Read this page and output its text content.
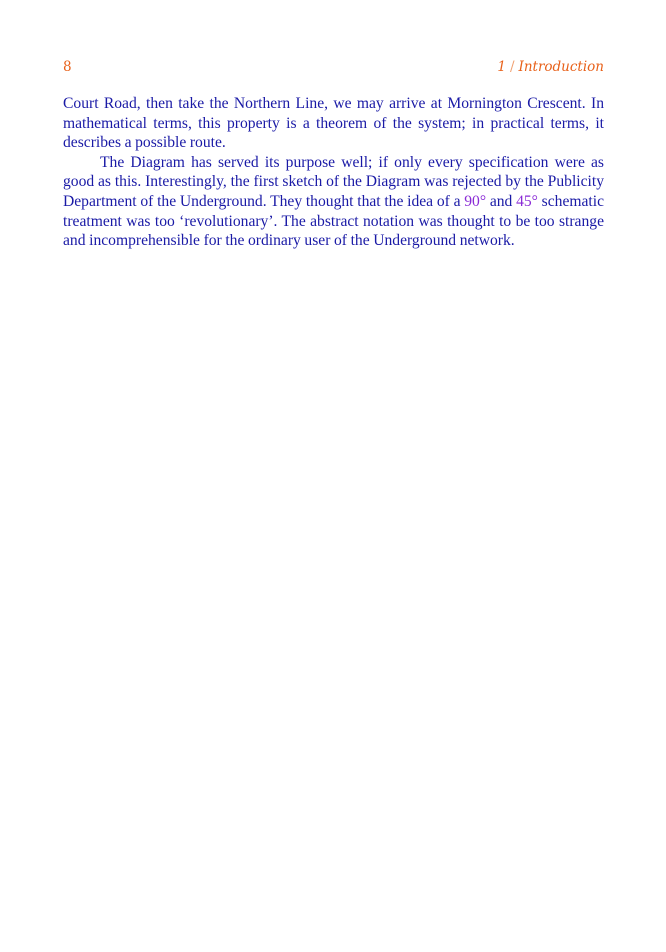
8	1 / Introduction

Court Road, then take the Northern Line, we may arrive at Mornington Crescent. In mathematical terms, this property is a theorem of the system; in practical terms, it describes a possible route.

The Diagram has served its purpose well; if only every specification were as good as this. Interestingly, the first sketch of the Diagram was rejected by the Publicity Department of the Underground. They thought that the idea of a 90° and 45° schematic treatment was too ‘revolutionary’. The abstract notation was thought to be too strange and incomprehensible for the ordinary user of the Underground network.
